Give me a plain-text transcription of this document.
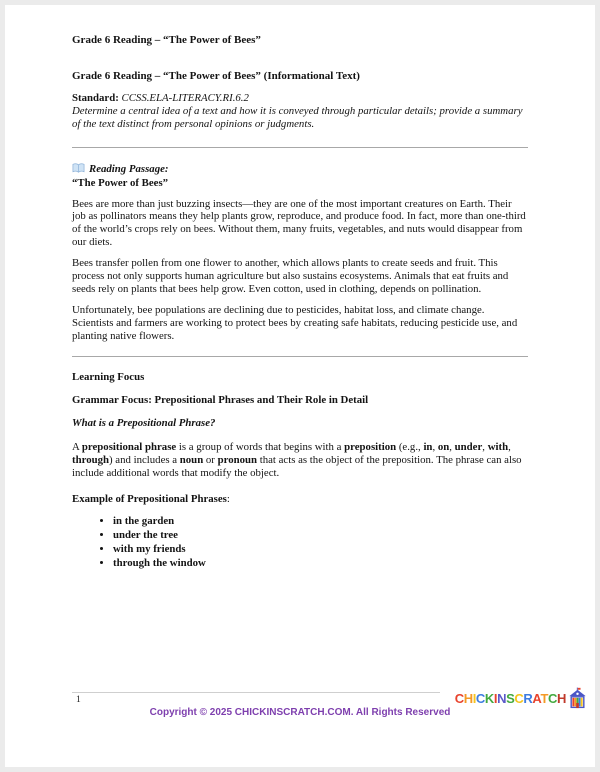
Grade 6 Reading – “The Power of Bees”
Grade 6 Reading – “The Power of Bees” (Informational Text)
Standard: CCSS.ELA-LITERACY.RI.6.2
Determine a central idea of a text and how it is conveyed through particular details; provide a summary of the text distinct from personal opinions or judgments.
Reading Passage:
“The Power of Bees”

Bees are more than just buzzing insects—they are one of the most important creatures on Earth. Their job as pollinators means they help plants grow, reproduce, and produce food. In fact, more than one-third of the world’s crops rely on bees. Without them, many fruits, vegetables, and nuts would disappear from our diets.

Bees transfer pollen from one flower to another, which allows plants to create seeds and fruit. This process not only supports human agriculture but also sustains ecosystems. Animals that eat fruits and seeds rely on plants that bees help grow. Even cotton, used in clothing, depends on pollination.

Unfortunately, bee populations are declining due to pesticides, habitat loss, and climate change. Scientists and farmers are working to protect bees by creating safe habitats, reducing pesticide use, and planting native flowers.

Learning Focus
Grammar Focus: Prepositional Phrases and Their Role in Detail
What is a Prepositional Phrase?

A prepositional phrase is a group of words that begins with a preposition (e.g., in, on, under, with, through) and includes a noun or pronoun that acts as the object of the preposition. The phrase can also include additional words that modify the object.

Example of Prepositional Phrases:
• in the garden
• under the tree
• with my friends
• through the window
1
Copyright © 2025 CHICKINSCRATCH.COM. All Rights Reserved
CHICKINSCRATCH
